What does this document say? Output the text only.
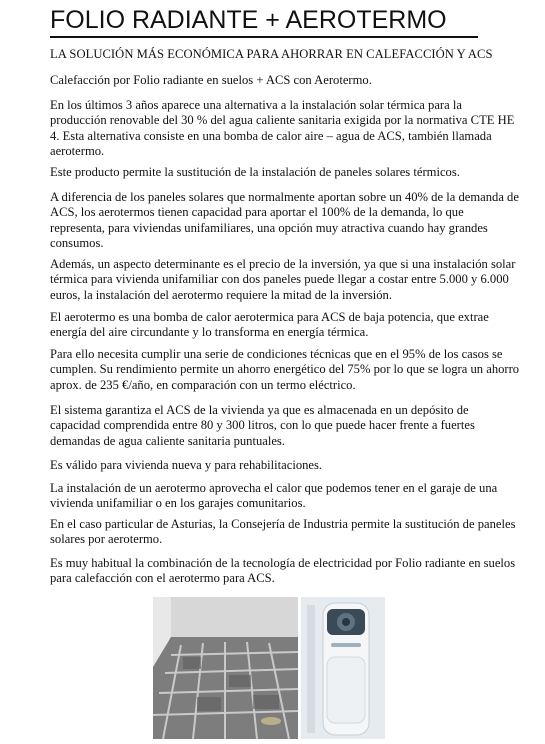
FOLIO RADIANTE + AEROTERMO

LA SOLUCIÓN MÁS ECONÓMICA PARA AHORRAR EN CALEFACCIÓN Y ACS

Calefacción por Folio radiante en suelos + ACS con Aerotermo.

En los últimos 3 años aparece una alternativa a la instalación solar térmica para la producción renovable del 30 % del agua caliente sanitaria exigida por la normativa CTE HE 4. Esta alternativa consiste en una bomba de calor aire – agua de ACS, también llamada aerotermo.

Este producto permite la sustitución de la instalación de paneles solares térmicos.

A diferencia de los paneles solares que normalmente aportan sobre un 40% de la demanda de ACS, los aerotermos tienen capacidad para aportar el 100% de la demanda, lo que representa, para viviendas unifamiliares, una opción muy atractiva cuando hay grandes consumos.

Además, un aspecto determinante es el precio de la inversión, ya que si una instalación solar térmica para vivienda unifamiliar con dos paneles puede llegar a costar entre 5.000 y 6.000 euros, la instalación del aerotermo requiere la mitad de la inversión.

El aerotermo es una bomba de calor aerotermica para ACS de baja potencia, que extrae energía del aire circundante y lo transforma en energía térmica.

Para ello necesita cumplir una serie de condiciones técnicas que en el 95% de los casos se cumplen. Su rendimiento permite un ahorro energético del 75% por lo que se logra un ahorro aprox. de 235 €/año, en comparación con un termo eléctrico.

El sistema garantiza el ACS de la vivienda ya que es almacenada en un depósito de capacidad comprendida entre 80 y 300 litros, con lo que puede hacer frente a fuertes demandas de agua caliente sanitaria puntuales.

Es válido para vivienda nueva y para rehabilitaciones.

La instalación de un aerotermo aprovecha el calor que podemos tener en el garaje de una vivienda unifamiliar o en los garajes comunitarios.

En el caso particular de Asturias, la Consejería de Industria permite la sustitución de paneles solares por aerotermo.

Es muy habitual la combinación de la tecnología de electricidad por Folio radiante en suelos para calefacción con el aerotermo para ACS.
